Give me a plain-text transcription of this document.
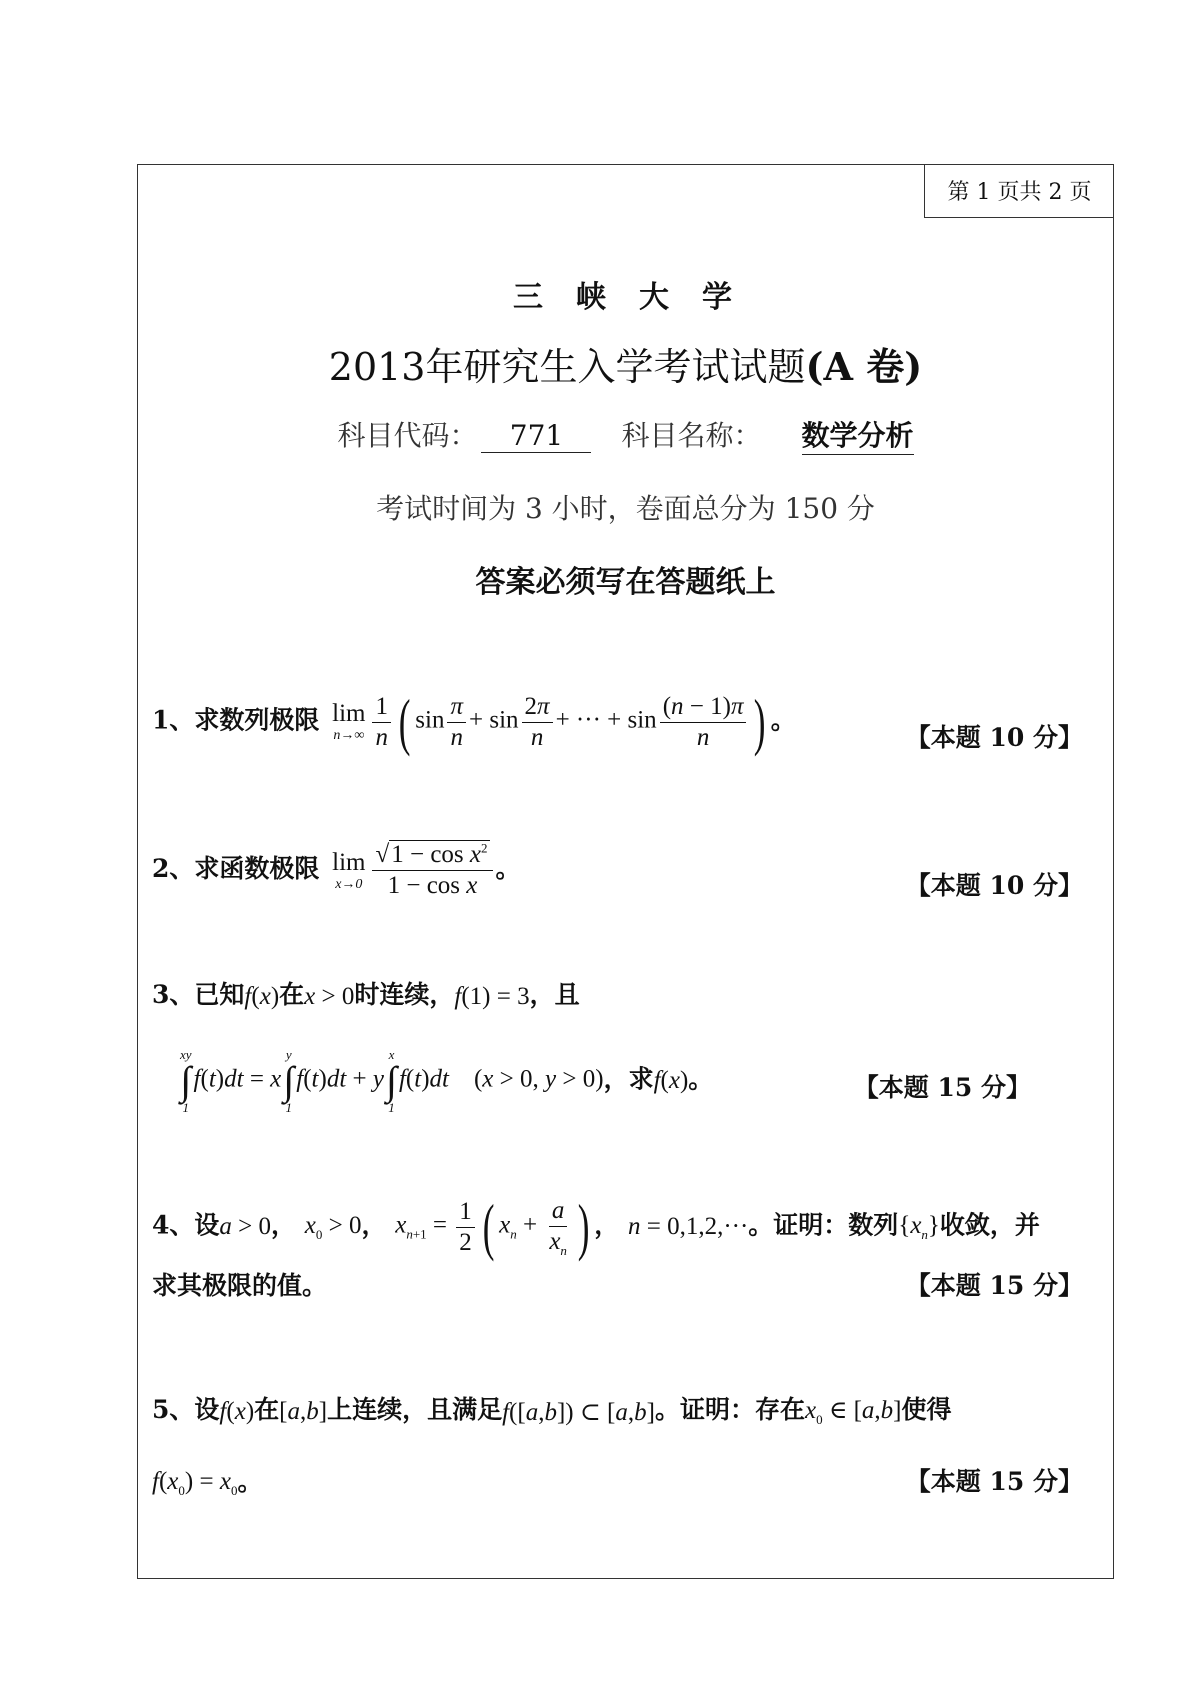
第 1 页共 2 页
三 峡 大 学
2013年研究生入学考试试题(A 卷)
科目代码： 771 科目名称： 数学分析
考试时间为 3 小时，卷面总分为 150 分
答案必须写在答题纸上
1、求数列极限 lim
$n\to\infty \frac{1}{n}$ ( $\sin \frac{\pi}{n} + \sin \frac{2\pi}{n}$ + ··· + $\sin \frac{(n - 1)\pi}{n}$ ) 。
【本题 10 分】
2、求函数极限 lim
$x\to 0 \frac{√1 - \cos x^2}{\text{1 − cos x}}$ 。
【本题 10 分】
3、已知f(x)在x > 0时连续，f(1) = 3，且
xy
∫
1
f(t)dt = x
y
∫
1
f(t)dt + y
x
∫
1
f(t)dt    (x > 0, y > 0)，求f(x)。	【本题 15 分】
4、设a > 0， $x_0 > 0$， $x_{n+1} = \frac{1}{2}$ ( $x_n + \frac{a}{x_n}$ ) ， n = 0,1,2,···。证明：数列$\{x_n\}$收敛，并
求其极限的值。	【本题 15 分】
5、设f(x)在[a,b]上连续，且满足f([a,b]) ⊂ [a,b]。证明：存在$x_0$ ∈ [a,b]使得
$f(x_0) = x_0$。	【本题 15 分】
